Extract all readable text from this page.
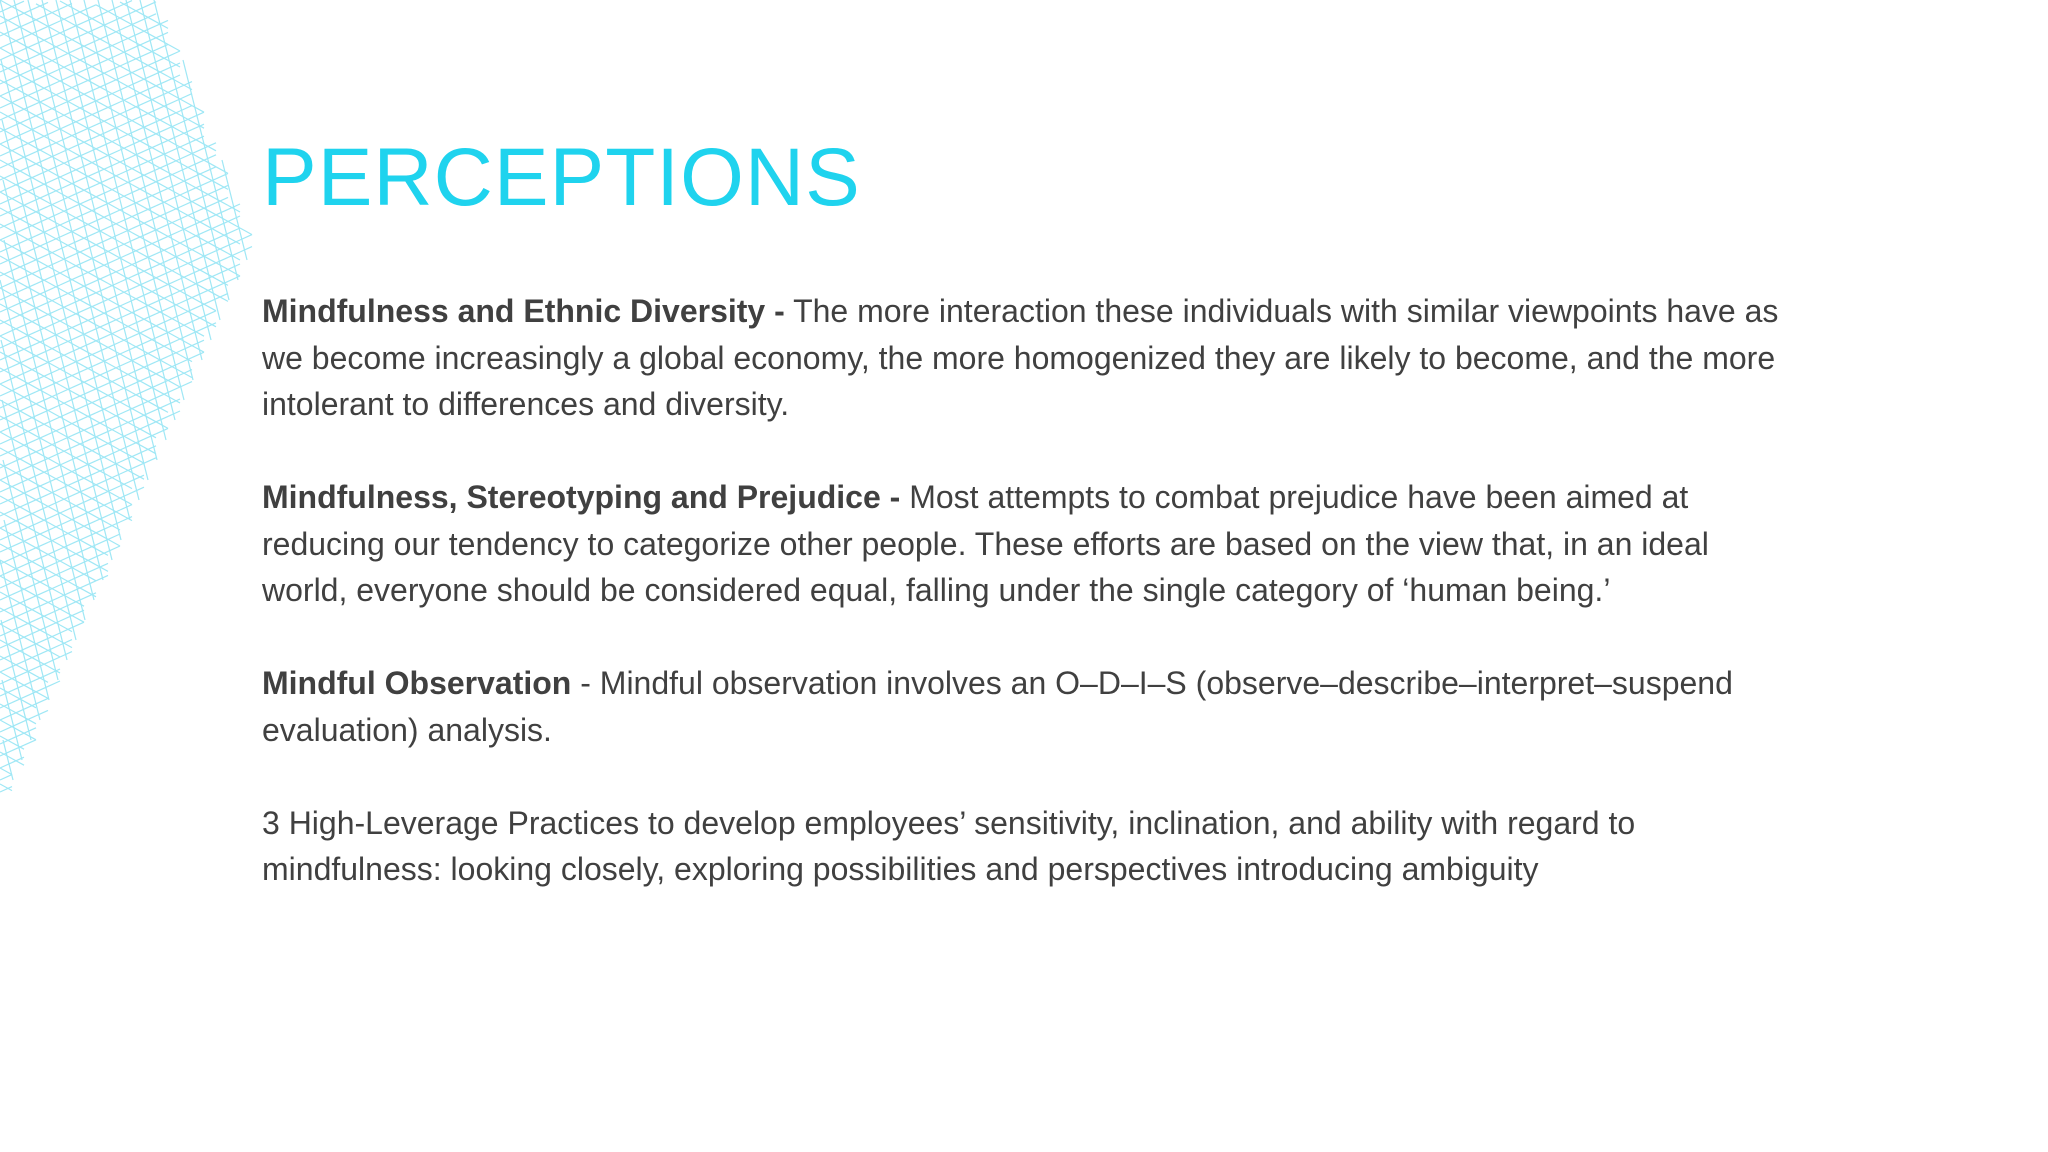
PERCEPTIONS

Mindfulness and Ethnic Diversity - The more interaction these individuals with similar viewpoints have as we become increasingly a global economy, the more homogenized they are likely to become, and the more intolerant to differences and diversity.

Mindfulness, Stereotyping and Prejudice - Most attempts to combat prejudice have been aimed at reducing our tendency to categorize other people. These efforts are based on the view that, in an ideal world, everyone should be considered equal, falling under the single category of ‘human being.’

Mindful Observation - Mindful observation involves an O–D–I–S (observe–describe–interpret–suspend evaluation) analysis.

3 High-Leverage Practices to develop employees’ sensitivity, inclination, and ability with regard to mindfulness: looking closely, exploring possibilities and perspectives introducing ambiguity
